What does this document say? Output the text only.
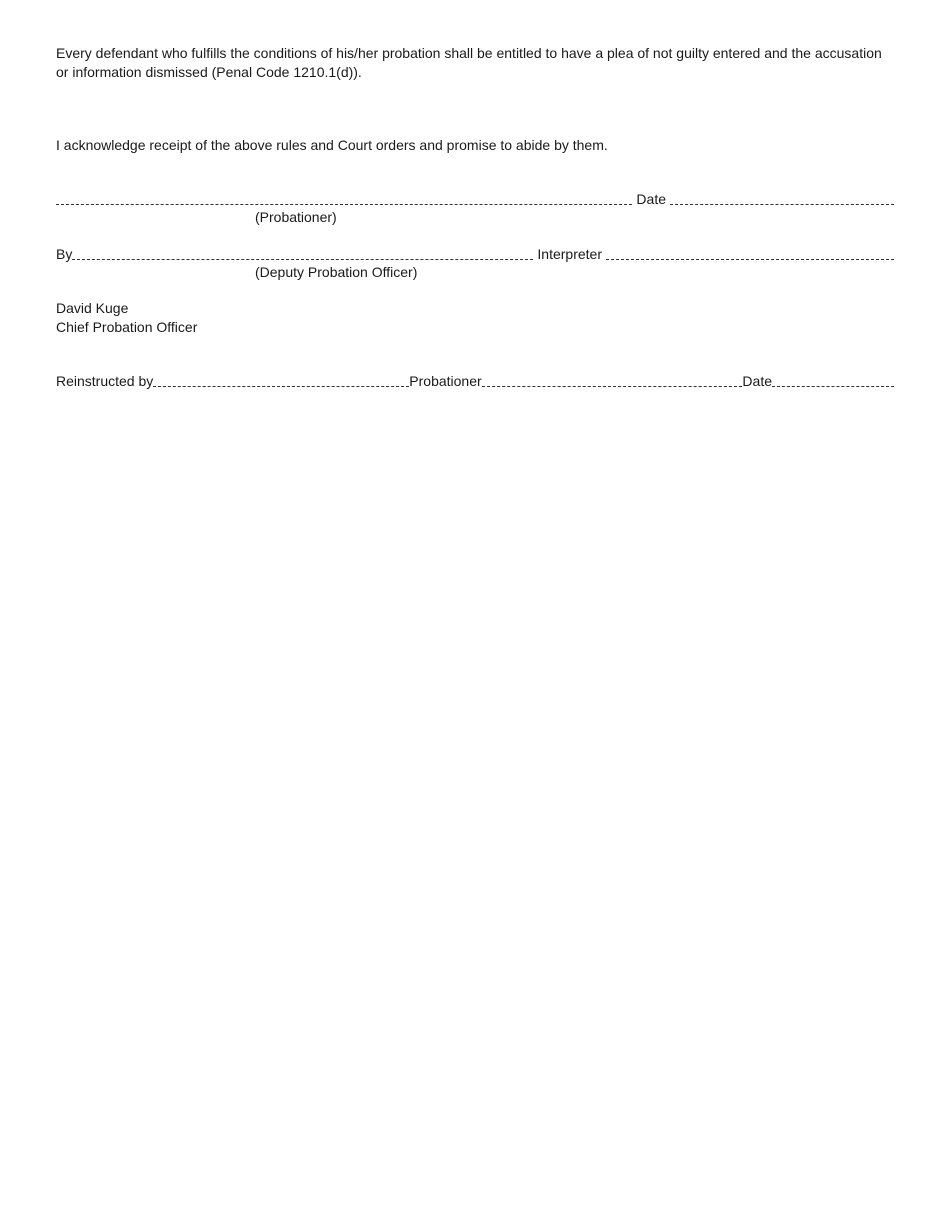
Every defendant who fulfills the conditions of his/her probation shall be entitled to have a plea of not guilty entered and the accusation or information dismissed (Penal Code 1210.1(d)).

I acknowledge receipt of the above rules and Court orders and promise to abide by them.

Date
(Probationer)
By	Interpreter
(Deputy Probation Officer)
David Kuge
Chief Probation Officer
Reinstructed by	Probationer	Date
